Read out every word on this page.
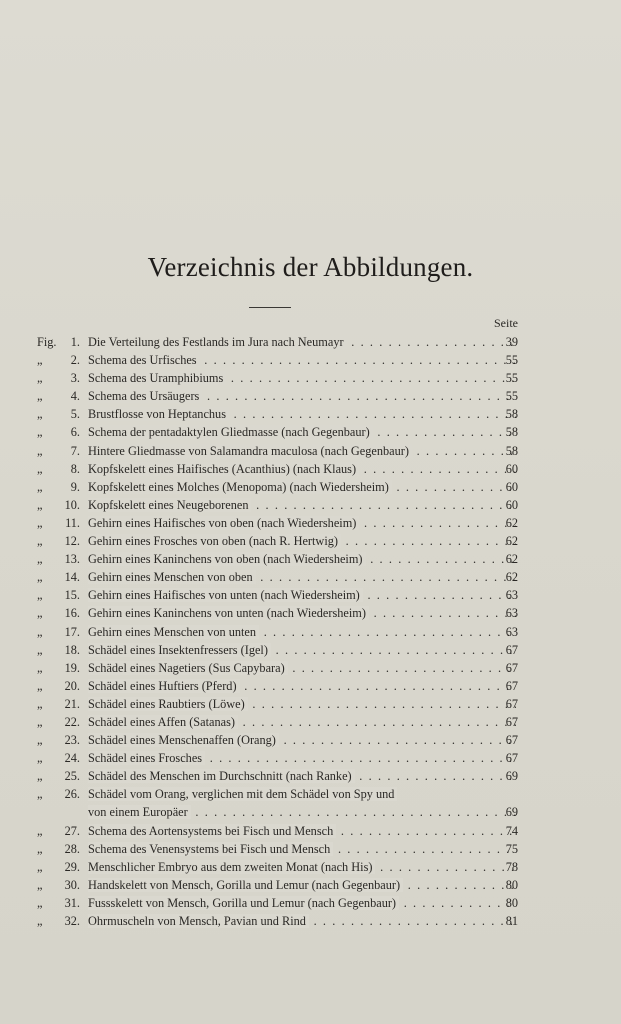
Verzeichnis der Abbildungen.
Seite
Fig.	1. Die Verteilung des Festlands im Jura nach Neumayr . . .	39
„	2. Schema des Urfisches . . .	55
„	3. Schema des Uramphibiums . . .	55
„	4. Schema des Ursäugers . . .	55
„	5. Brustflosse von Heptanchus . . .	58
„	6. Schema der pentadaktylen Gliedmasse (nach Gegenbaur) . . .	58
„	7. Hintere Gliedmasse von Salamandra maculosa (nach Gegenbaur) . . .	58
„	8. Kopfskelett eines Haifisches (Acanthius) (nach Klaus) . . .	60
„	9. Kopfskelett eines Molches (Menopoma) (nach Wiedersheim) . . .	60
„	10. Kopfskelett eines Neugeborenen . . .	60
„	11. Gehirn eines Haifisches von oben (nach Wiedersheim) . . .	62
„	12. Gehirn eines Frosches von oben (nach R. Hertwig) . . .	62
„	13. Gehirn eines Kaninchens von oben (nach Wiedersheim) . . .	62
„	14. Gehirn eines Menschen von oben . . .	62
„	15. Gehirn eines Haifisches von unten (nach Wiedersheim) . . .	63
„	16. Gehirn eines Kaninchens von unten (nach Wiedersheim) . . .	63
„	17. Gehirn eines Menschen von unten . . .	63
„	18. Schädel eines Insektenfressers (Igel) . . .	67
„	19. Schädel eines Nagetiers (Sus Capybara) . . .	67
„	20. Schädel eines Huftiers (Pferd) . . .	67
„	21. Schädel eines Raubtiers (Löwe) . . .	67
„	22. Schädel eines Affen (Satanas) . . .	67
„	23. Schädel eines Menschenaffen (Orang) . . .	67
„	24. Schädel eines Frosches . . .	67
„	25. Schädel des Menschen im Durchschnitt (nach Ranke) . . .	69
„	26. Schädel vom Orang, verglichen mit dem Schädel von Spy und
von einem Europäer . . .	69
„	27. Schema des Aortensystems bei Fisch und Mensch . . .	74
„	28. Schema des Venensystems bei Fisch und Mensch . . .	75
„	29. Menschlicher Embryo aus dem zweiten Monat (nach His) . . .	78
„	30. Handskelett von Mensch, Gorilla und Lemur (nach Gegenbaur) . . .	80
„	31. Fussskelett von Mensch, Gorilla und Lemur (nach Gegenbaur) . . .	80
„	32. Ohrmuscheln von Mensch, Pavian und Rind . . .	81
